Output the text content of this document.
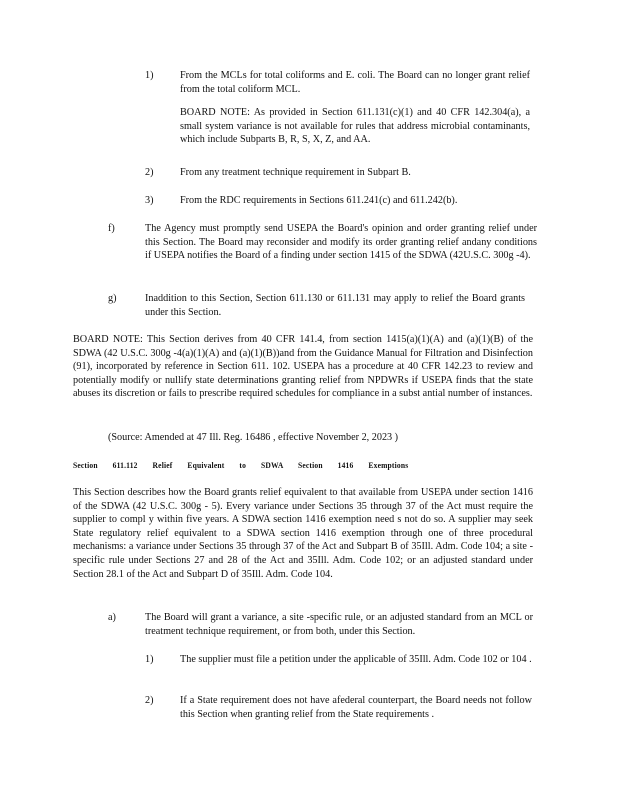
1)	From the MCLs for total coliforms and E. coli. The Board can no longer grant relief from the total coliform MCL.

BOARD NOTE: As provided in Section 611.131(c)(1) and 40 CFR 142.304(a), a small system variance is not available for rules that address microbial contaminants, which include Subparts B, R, S, X, Z, and AA.

2)	From any treatment technique requirement in Subpart B.

3)	From the RDC requirements in Sections 611.241(c) and 611.242(b).

f)	The Agency must promptly send USEPA the Board's opinion and order granting relief under this Section. The Board may reconsider and modify its order granting relief andany conditions if USEPA notifies the Board of a finding under section 1415 of the SDWA (42U.S.C. 300g -4).

g)	Inaddition to this Section, Section 611.130 or 611.131 may apply to relief the Board grants under this Section.

BOARD NOTE: This Section derives from 40 CFR 141.4, from section 1415(a)(1)(A) and (a)(1)(B) of the SDWA (42 U.S.C. 300g -4(a)(1)(A) and (a)(1)(B))and from the Guidance Manual for Filtration and Disinfection (91), incorporated by reference in Section 611. 102. USEPA has a procedure at 40 CFR 142.23 to review and potentially modify or nullify state determinations granting relief from NPDWRs if USEPA finds that the state abuses its discretion or fails to prescribe required schedules for compliance in a subst antial number of instances.

(Source: Amended at 47 Ill. Reg. 16486 , effective November 2, 2023 )

Section 611.112 Relief Equivalent to SDWA Section 1416 Exemptions

This Section describes how the Board grants relief equivalent to that available from USEPA under section 1416 of the SDWA (42 U.S.C. 300g - 5). Every variance under Sections 35 through 37 of the Act must require the supplier to compl y within five years. A SDWA section 1416 exemption need s not do so. A supplier may seek State regulatory relief equivalent to a SDWA section 1416 exemption through one of three procedural mechanisms: a variance under Sections 35 through 37 of the Act and Subpart B of 35Ill. Adm. Code 104; a site - specific rule under Sections 27 and 28 of the Act and 35Ill. Adm. Code 102; or an adjusted standard under Section 28.1 of the Act and Subpart D of 35Ill. Adm. Code 104.

a)	The Board will grant a variance, a site -specific rule, or an adjusted standard from an MCL or treatment technique requirement, or from both, under this Section.

1)	The supplier must file a petition under the applicable of 35Ill. Adm. Code 102 or 104 .

2)	If a State requirement does not have afederal counterpart, the Board needs not follow this Section when granting relief from the State requirements .
